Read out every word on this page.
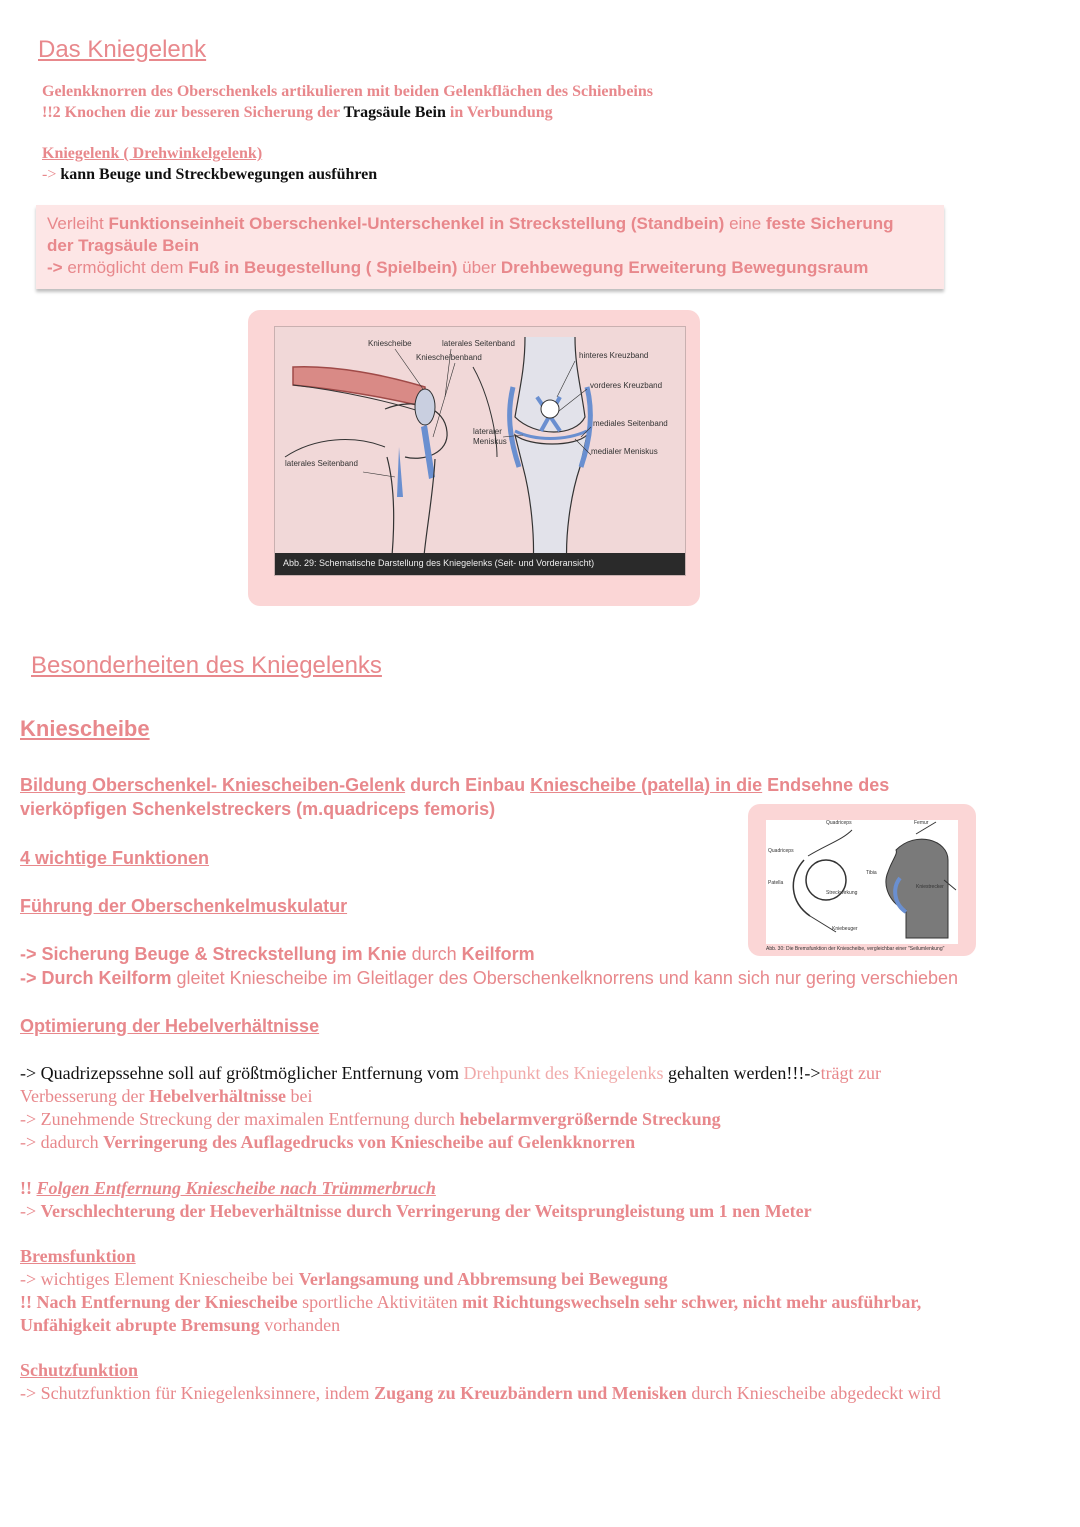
Das Kniegelenk
Gelenkknorren des Oberschenkels artikulieren mit beiden Gelenkflächen des Schienbeins
!!2 Knochen die zur besseren Sicherung der Tragsäule Bein in Verbundung
Kniegelenk ( Drehwinkelgelenk)
-> kann Beuge und Streckbewegungen ausführen
Verleiht Funktionseinheit Oberschenkel-Unterschenkel in Streckstellung (Standbein) eine feste Sicherung
der Tragsäule Bein
-> ermöglicht dem Fuß in Beugestellung ( Spielbein) über Drehbewegung Erweiterung Bewegungsraum
Kniescheibe	laterales Seitenband
Kniescheibenband	hinteres Kreuzband
vorderes Kreuzband
mediales Seitenband
lateraler
Meniskus
medialer Meniskus
laterales Seitenband
Abb. 29: Schematische Darstellung des Kniegelenks (Seit- und Vorderansicht)
Besonderheiten des Kniegelenks
Kniescheibe
Bildung Oberschenkel- Kniescheiben-Gelenk durch Einbau Kniescheibe (patella) in die Endsehne des
vierköpfigen Schenkelstreckers (m.quadriceps femoris)
4 wichtige Funktionen
Führung der Oberschenkelmuskulatur
-> Sicherung Beuge & Streckstellung im Knie durch Keilform
-> Durch Keilform gleitet Kniescheibe im Gleitlager des Oberschenkelknorrens und kann sich nur gering verschieben
Optimierung der Hebelverhältnisse
Quadriceps
Quadriceps
Femur
Patella
Tibia
Kniebeuger
Streckwirkung
Kniestrecker
Abb. 30: Die Bremsfunktion der Kniescheibe, vergleichbar einer "Seilumlenkung"
-> Quadrizepssehne soll auf größtmöglicher Entfernung vom Drehpunkt des Kniegelenks gehalten werden!!!->trägt zur
Verbesserung der Hebelverhältnisse bei
-> Zunehmende Streckung der maximalen Entfernung durch hebelarmvergrößernde Streckung
-> dadurch Verringerung des Auflagedrucks von Kniescheibe auf Gelenkknorren
!! Folgen Entfernung Kniescheibe nach Trümmerbruch
-> Verschlechterung der Hebeverhältnisse durch Verringerung der Weitsprungleistung um 1 nen Meter
Bremsfunktion
-> wichtiges Element Kniescheibe bei Verlangsamung und Abbremsung bei Bewegung
!! Nach Entfernung der Kniescheibe sportliche Aktivitäten mit Richtungswechseln sehr schwer, nicht mehr ausführbar,
Unfähigkeit abrupte Bremsung vorhanden
Schutzfunktion
-> Schutzfunktion für Kniegelenksinnere, indem Zugang zu Kreuzbändern und Menisken durch Kniescheibe abgedeckt wird
